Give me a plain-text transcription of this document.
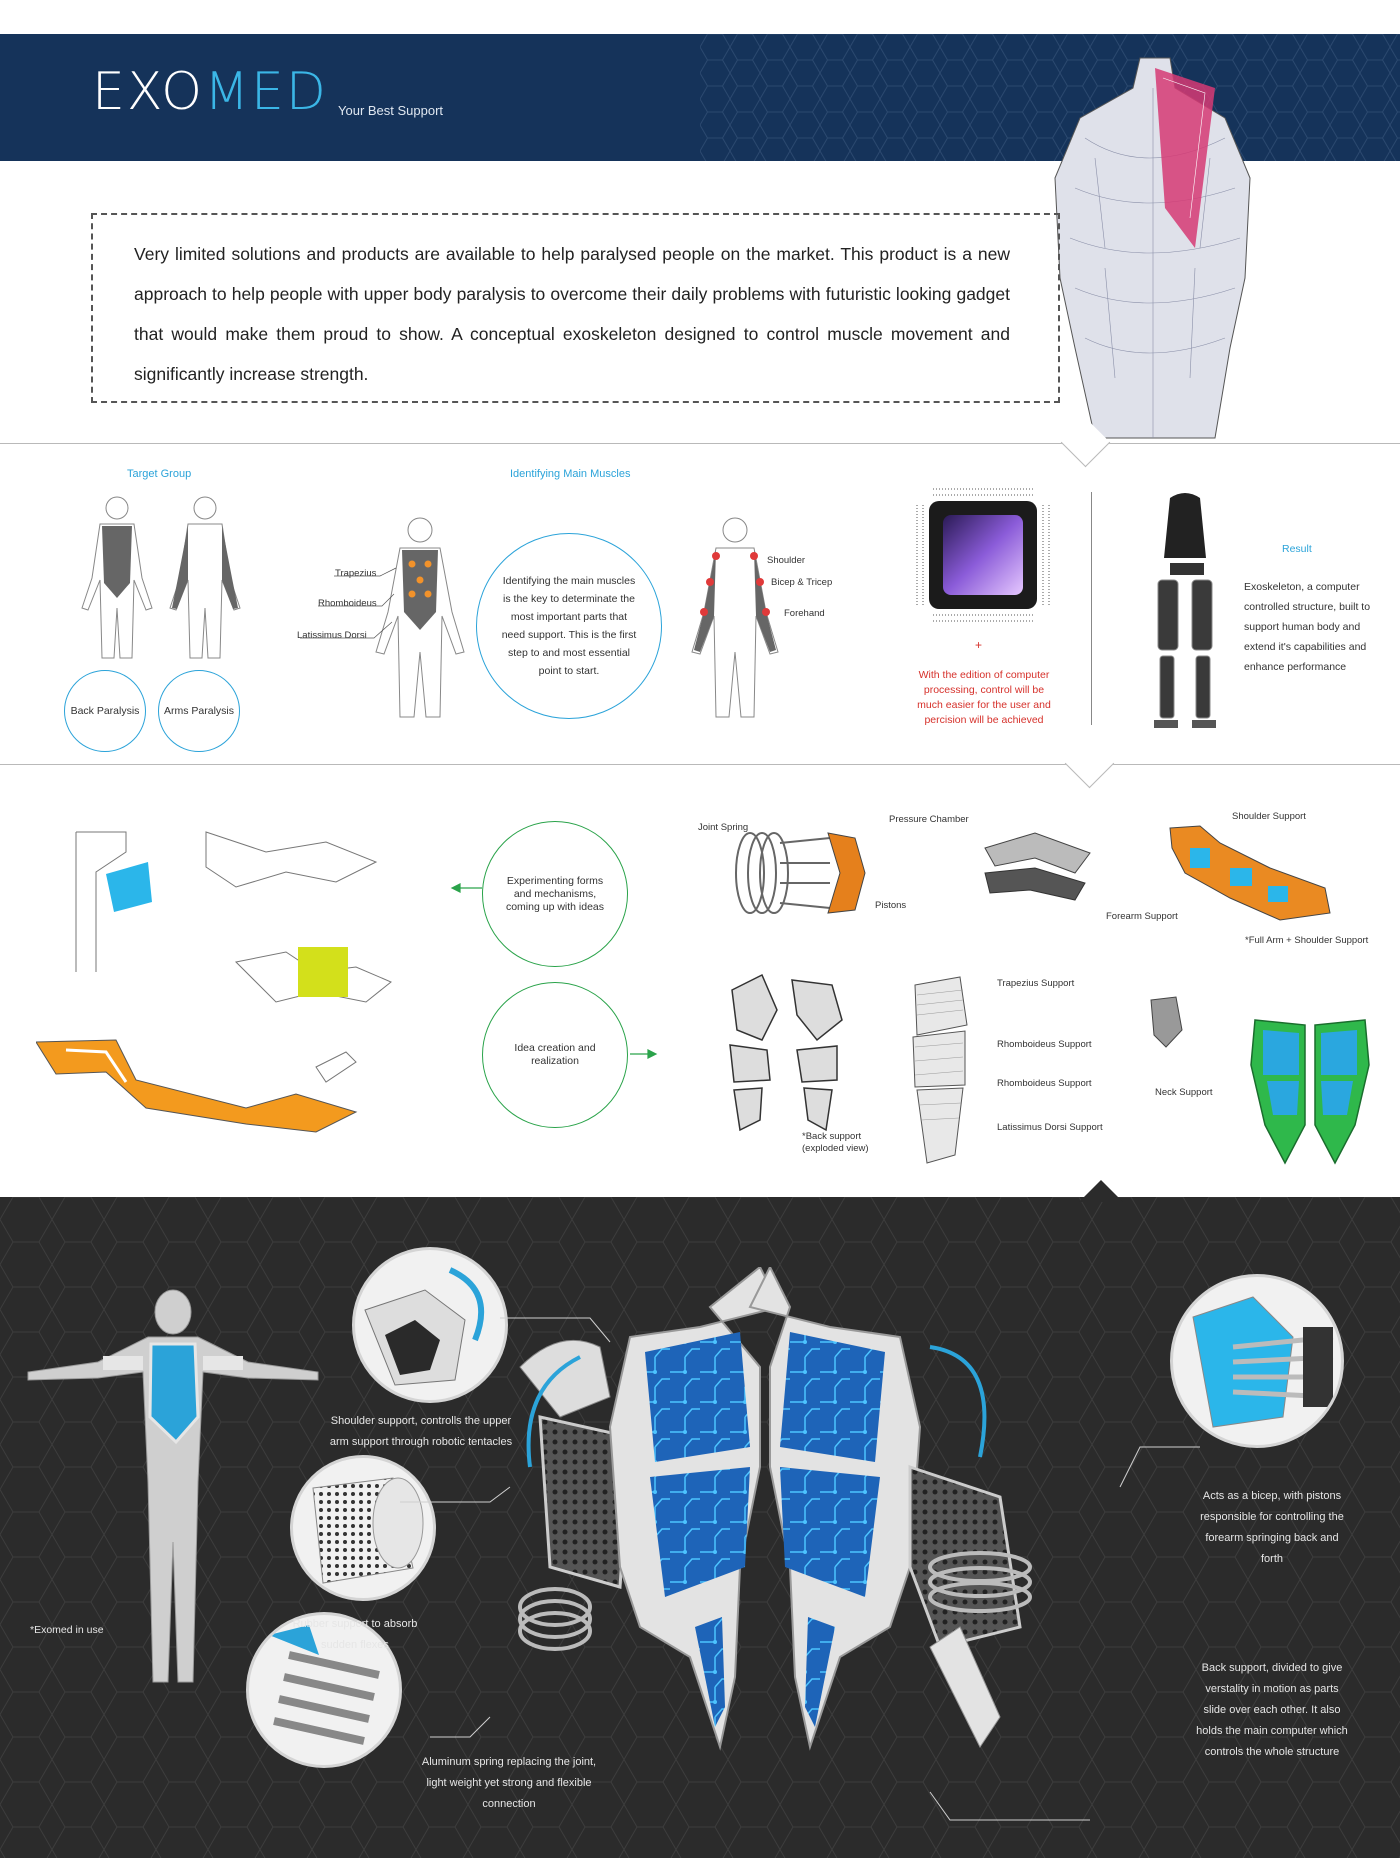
EXOMED Your Best Support
Very limited solutions and products are available to help paralysed people on the market. This product is a new approach to help people with upper body paralysis to overcome their daily problems with futuristic looking gadget that would make them proud to show. A conceptual exoskeleton designed to control muscle movement and significantly increase strength.
Target Group
Back Paralysis Arms Paralysis
Identifying Main Muscles
Trapezius
Rhomboideus
Latissimus Dorsi
Identifying the main muscles is the key to determinate the most important parts that need support. This is the first step to and most essential point to start.
Shoulder
Bicep & Tricep
Forehand
+
With the edition of computer processing, control will be much easier for the user and percision will be achieved
Result
Exoskeleton, a computer controlled structure, built to support human body and extend it's capabilities and enhance performance
Experimenting forms and mechanisms, coming up with ideas
Idea creation and realization
Joint Spring
Pressure Chamber
Pistons
Forearm Support
Shoulder Support
*Full Arm + Shoulder Support
*Back support (exploded view)
Trapezius Support
Rhomboideus Support
Rhomboideus Support
Latissimus Dorsi Support
Neck Support
*Exomed in use
Shoulder support, controlls the upper arm support through robotic tentacles
Rubber support to absorb sudden flexes
Aluminum spring replacing the joint, light weight yet strong and flexible connection
Acts as a bicep, with pistons responsible for controlling the forearm springing back and forth
Back support, divided to give verstality in motion as parts slide over each other. It also holds the main computer which controls the whole structure
